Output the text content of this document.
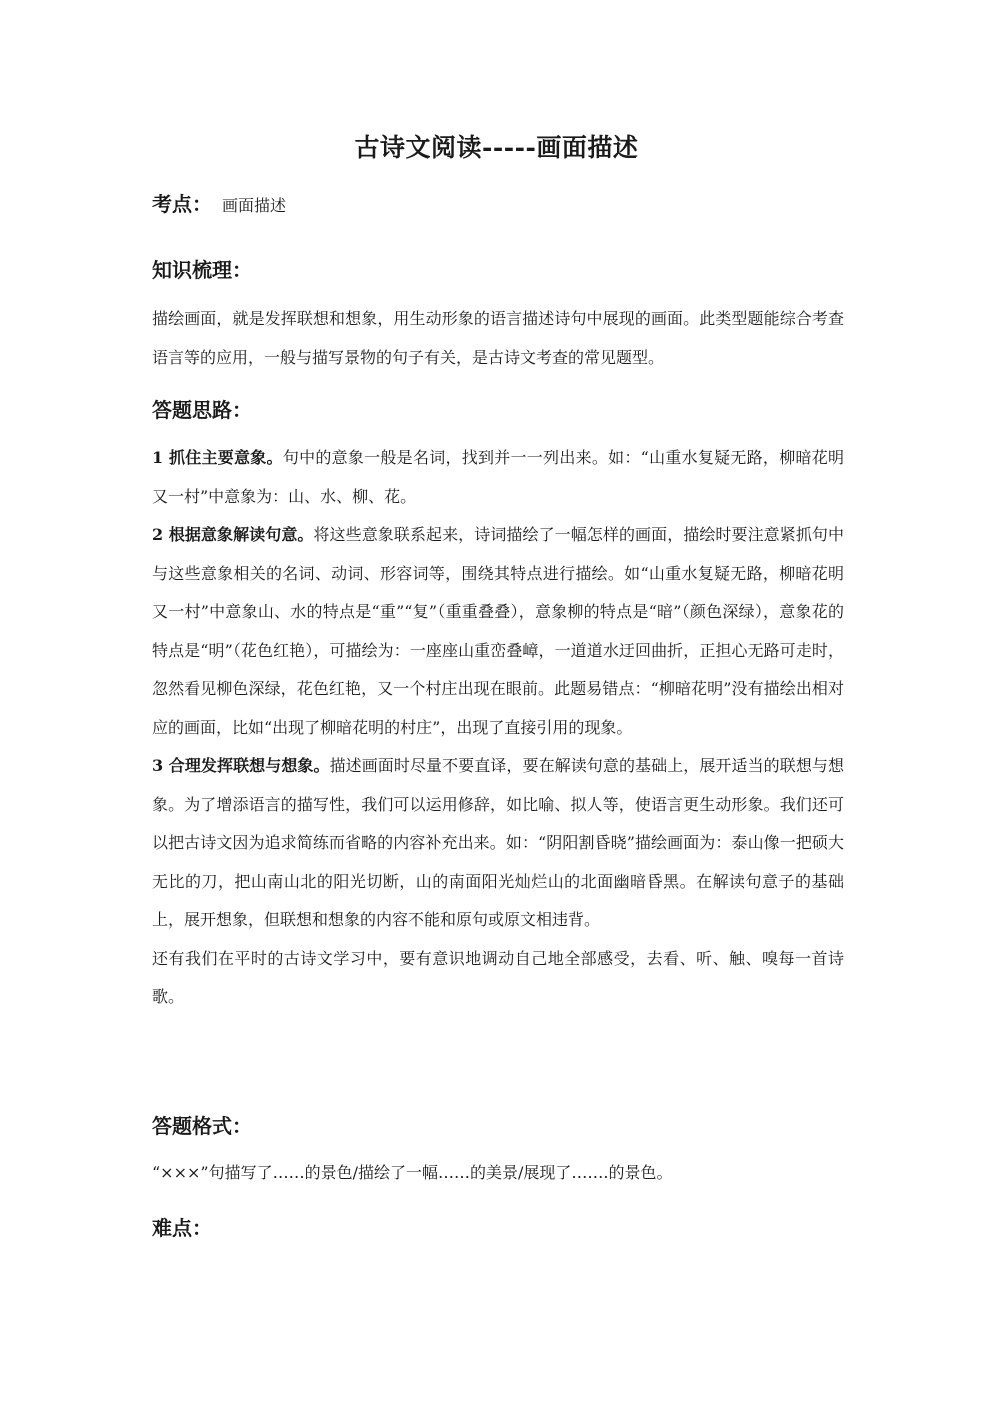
古诗文阅读-----画面描述
考点： 画面描述
知识梳理：

描绘画面，就是发挥联想和想象，用生动形象的语言描述诗句中展现的画面。此类型题能综合考查语言等的应用，一般与描写景物的句子有关，是古诗文考查的常见题型。

答题思路：

1 抓住主要意象。句中的意象一般是名词，找到并一一列出来。如：“山重水复疑无路，柳暗花明又一村”中意象为：山、水、柳、花。

2 根据意象解读句意。将这些意象联系起来，诗词描绘了一幅怎样的画面，描绘时要注意紧抓句中与这些意象相关的名词、动词、形容词等，围绕其特点进行描绘。如“山重水复疑无路，柳暗花明又一村”中意象山、水的特点是“重”“复”（重重叠叠），意象柳的特点是“暗”（颜色深绿），意象花的特点是“明”（花色红艳），可描绘为：一座座山重峦叠嶂，一道道水迂回曲折，正担心无路可走时，忽然看见柳色深绿，花色红艳，又一个村庄出现在眼前。此题易错点：“柳暗花明”没有描绘出相对应的画面，比如“出现了柳暗花明的村庄”，出现了直接引用的现象。

3 合理发挥联想与想象。描述画面时尽量不要直译，要在解读句意的基础上，展开适当的联想与想象。为了增添语言的描写性，我们可以运用修辞，如比喻、拟人等，使语言更生动形象。我们还可以把古诗文因为追求简练而省略的内容补充出来。如：“阴阳割昏晓”描绘画面为：泰山像一把硕大无比的刀，把山南山北的阳光切断，山的南面阳光灿烂山的北面幽暗昏黑。在解读句意子的基础上，展开想象，但联想和想象的内容不能和原句或原文相违背。

还有我们在平时的古诗文学习中，要有意识地调动自己地全部感受，去看、听、触、嗅每一首诗歌。

答题格式：
“×××”句描写了……的景色/描绘了一幅……的美景/展现了…….的景色。
难点：
